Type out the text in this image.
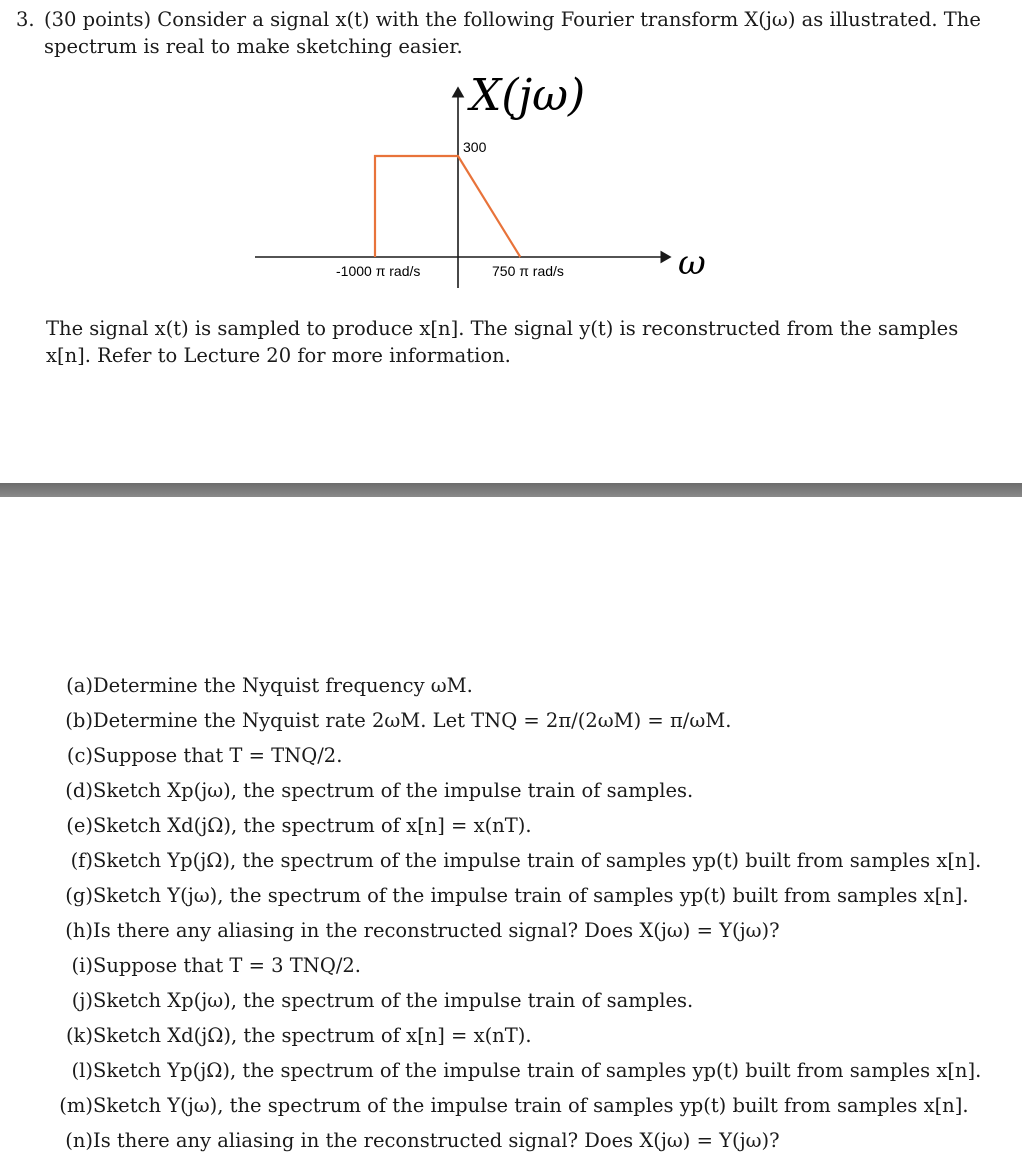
3. (30 points) Consider a signal x(t) with the following Fourier transform X(jω) as illustrated. The
spectrum is real to make sketching easier.
X(jω)
300
-1000 π rad/s	750 π rad/s	ω
The signal x(t) is sampled to produce x[n]. The signal y(t) is reconstructed from the samples
x[n]. Refer to Lecture 20 for more information.
(a) Determine the Nyquist frequency ωM.
(b) Determine the Nyquist rate 2ωM. Let TNQ = 2π/(2ωM) = π/ωM.
(c) Suppose that T = TNQ/2.
(d) Sketch Xp(jω), the spectrum of the impulse train of samples.
(e) Sketch Xd(jΩ), the spectrum of x[n] = x(nT).
(f) Sketch Yp(jΩ), the spectrum of the impulse train of samples yp(t) built from samples x[n].
(g) Sketch Y(jω), the spectrum of the impulse train of samples yp(t) built from samples x[n].
(h) Is there any aliasing in the reconstructed signal? Does X(jω) = Y(jω)?
(i) Suppose that T = 3 TNQ/2.
(j) Sketch Xp(jω), the spectrum of the impulse train of samples.
(k) Sketch Xd(jΩ), the spectrum of x[n] = x(nT).
(l) Sketch Yp(jΩ), the spectrum of the impulse train of samples yp(t) built from samples x[n].
(m) Sketch Y(jω), the spectrum of the impulse train of samples yp(t) built from samples x[n].
(n) Is there any aliasing in the reconstructed signal? Does X(jω) = Y(jω)?
